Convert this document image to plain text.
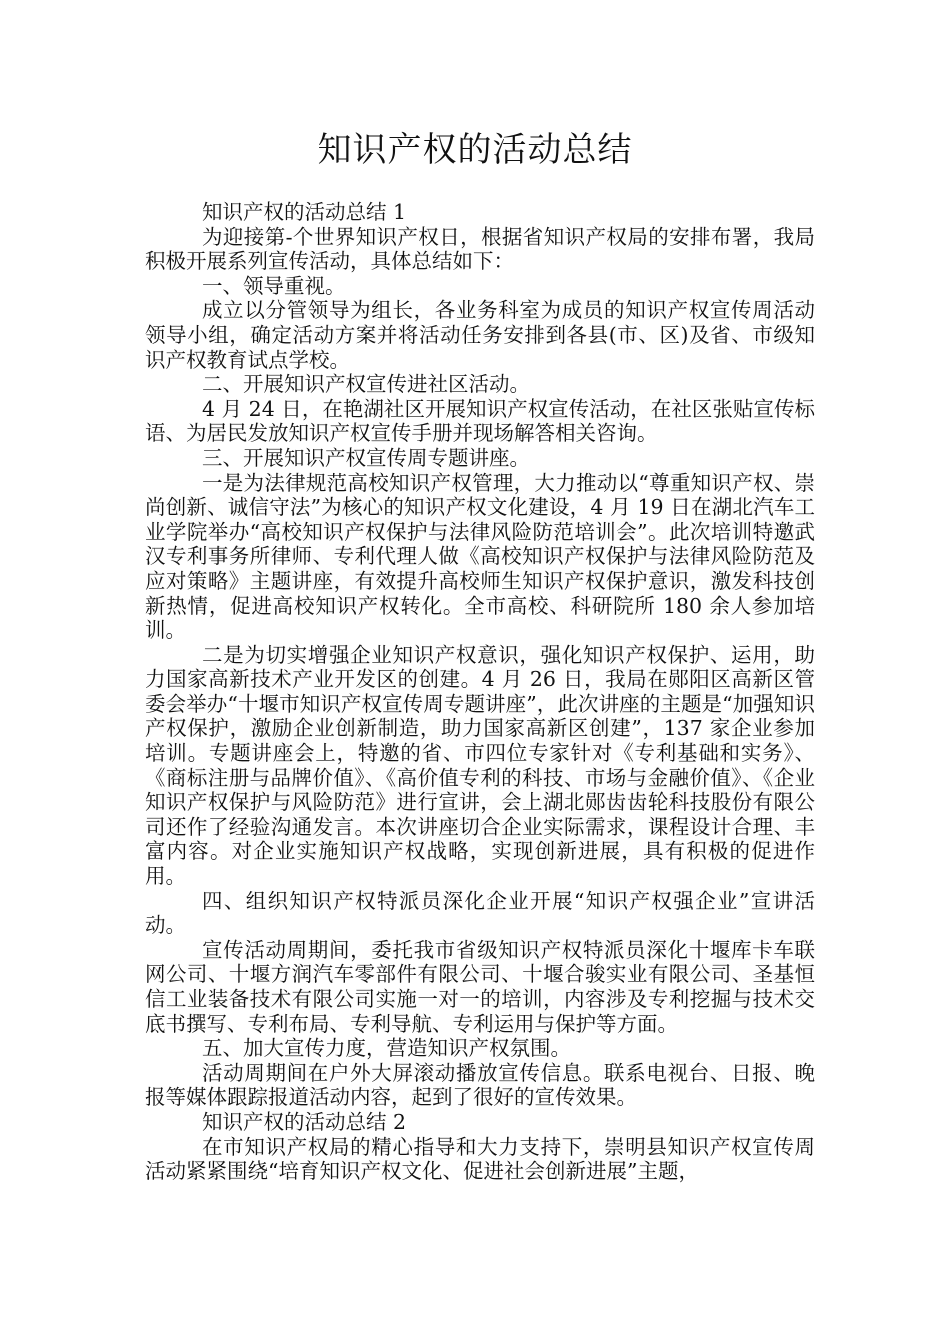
知识产权的活动总结

知识产权的活动总结 1

为迎接第-个世界知识产权日，根据省知识产权局的安排布署，我局积极开展系列宣传活动，具体总结如下：

一、领导重视。

成立以分管领导为组长，各业务科室为成员的知识产权宣传周活动领导小组，确定活动方案并将活动任务安排到各县(市、区)及省、市级知识产权教育试点学校。

二、开展知识产权宣传进社区活动。

4 月 24 日，在艳湖社区开展知识产权宣传活动，在社区张贴宣传标语、为居民发放知识产权宣传手册并现场解答相关咨询。

三、开展知识产权宣传周专题讲座。

一是为法律规范高校知识产权管理，大力推动以“尊重知识产权、崇尚创新、诚信守法”为核心的知识产权文化建设，4 月 19 日在湖北汽车工业学院举办“高校知识产权保护与法律风险防范培训会”。此次培训特邀武汉专利事务所律师、专利代理人做《高校知识产权保护与法律风险防范及应对策略》主题讲座，有效提升高校师生知识产权保护意识，激发科技创新热情，促进高校知识产权转化。全市高校、科研院所 180 余人参加培训。

二是为切实增强企业知识产权意识，强化知识产权保护、运用，助力国家高新技术产业开发区的创建。4 月 26 日，我局在郧阳区高新区管委会举办“十堰市知识产权宣传周专题讲座”，此次讲座的主题是“加强知识产权保护，激励企业创新制造，助力国家高新区创建”，137 家企业参加培训。专题讲座会上，特邀的省、市四位专家针对《专利基础和实务》、《商标注册与品牌价值》、《高价值专利的科技、市场与金融价值》、《企业知识产权保护与风险防范》进行宣讲，会上湖北郧齿齿轮科技股份有限公司还作了经验沟通发言。本次讲座切合企业实际需求，课程设计合理、丰富内容。对企业实施知识产权战略，实现创新进展，具有积极的促进作用。

四、组织知识产权特派员深化企业开展“知识产权强企业”宣讲活动。

宣传活动周期间，委托我市省级知识产权特派员深化十堰库卡车联网公司、十堰方润汽车零部件有限公司、十堰合骏实业有限公司、圣基恒信工业装备技术有限公司实施一对一的培训，内容涉及专利挖掘与技术交底书撰写、专利布局、专利导航、专利运用与保护等方面。

五、加大宣传力度，营造知识产权氛围。

活动周期间在户外大屏滚动播放宣传信息。联系电视台、日报、晚报等媒体跟踪报道活动内容，起到了很好的宣传效果。

知识产权的活动总结 2

在市知识产权局的精心指导和大力支持下，崇明县知识产权宣传周活动紧紧围绕“培育知识产权文化、促进社会创新进展”主题，
